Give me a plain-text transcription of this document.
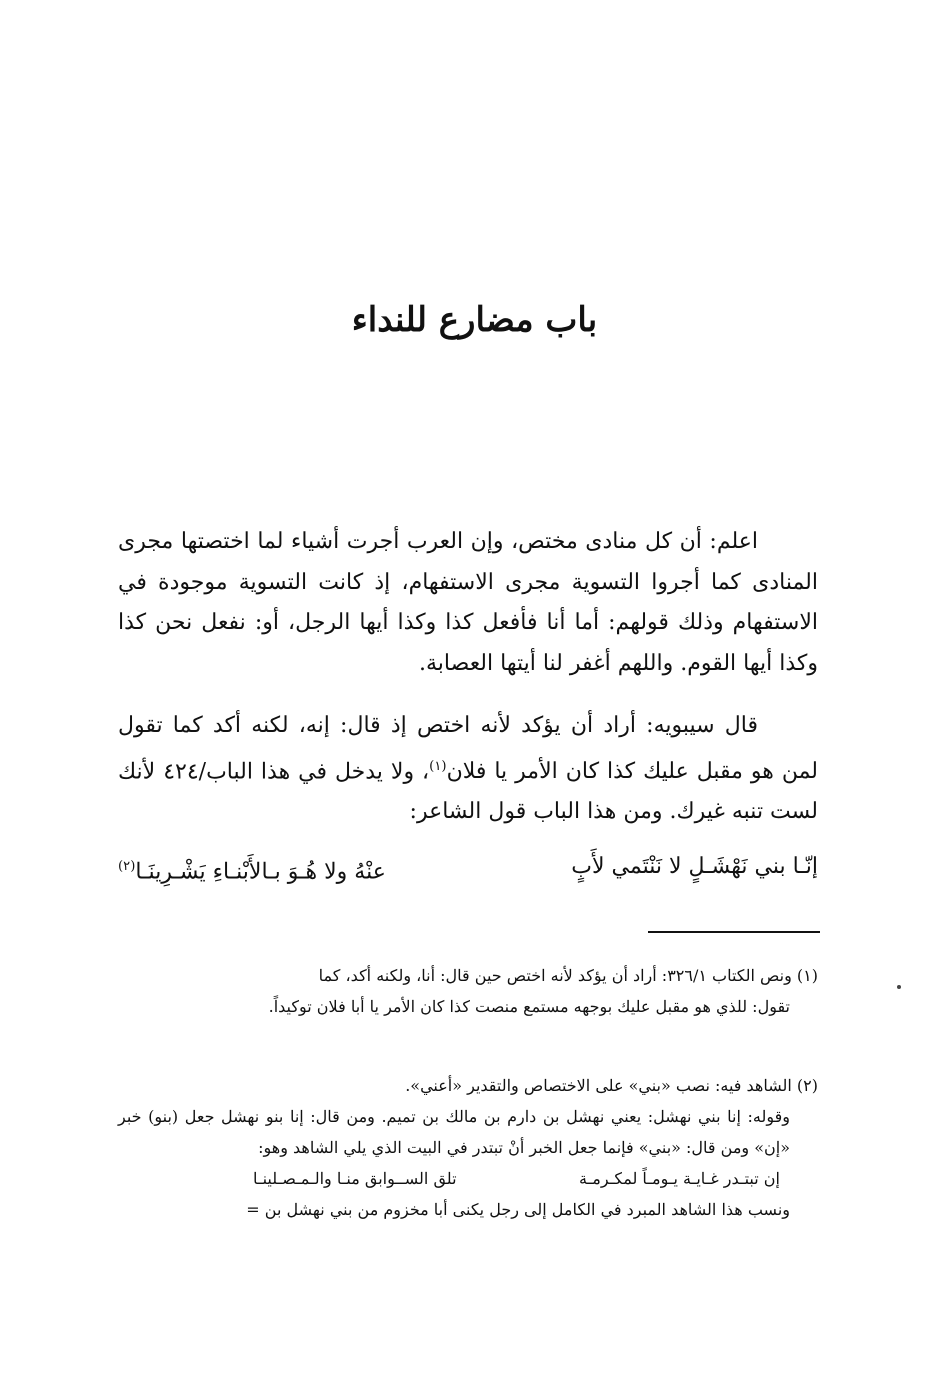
باب مضارع للنداء
اعلم: أن كل منادى مختص، وإن العرب أجرت أشياء لما اختصتها مجرى المنادى كما أجروا التسوية مجرى الاستفهام، إذ كانت التسوية موجودة في الاستفهام وذلك قولهم: أما أنا فأفعل كذا وكذا أيها الرجل، أو: نفعل نحن كذا وكذا أيها القوم. واللهم أغفر لنا أيتها العصابة.
قال سيبويه: أراد أن يؤكد لأنه اختص إذ قال: إنه، لكنه أكد كما تقول لمن هو مقبل عليك كذا كان الأمر يا فلان$^{(١)}$، ولا يدخل في هذا الباب/٤٢٤ لأنك لست تنبه غيرك. ومن هذا الباب قول الشاعر:
إنّـا بني نَهْشَـلٍ لا نَنْتَمي لأَبٍ
عنْهُ ولا هُـوَ بـالأَبْنـاءِ يَشْـرِينَـا$^{(٢)}$
(١) ونص الكتاب ٣٢٦/١: أراد أن يؤكد لأنه اختص حين قال: أنا، ولكنه أكد، كما
تقول: للذي هو مقبل عليك بوجهه مستمع منصت كذا كان الأمر يا أبا فلان توكيداً.
(٢) الشاهد فيه: نصب «بني» على الاختصاص والتقدير «أعني».
وقوله: إنا بني نهشل: يعني نهشل بن دارم بن مالك بن تميم. ومن قال: إنا بنو نهشل جعل (بنو) خبر «إن» ومن قال: «بني» فإنما جعل الخبر أنْ تبتدر في البيت الذي يلي الشاهد وهو:
إن تبتـدر غـايـة يـومـاً لمكـرمـة
تلق الســوابق منـا والـمـصـلينـا
ونسب هذا الشاهد المبرد في الكامل إلى رجل يكنى أبا مخزوم من بني نهشل بن =
